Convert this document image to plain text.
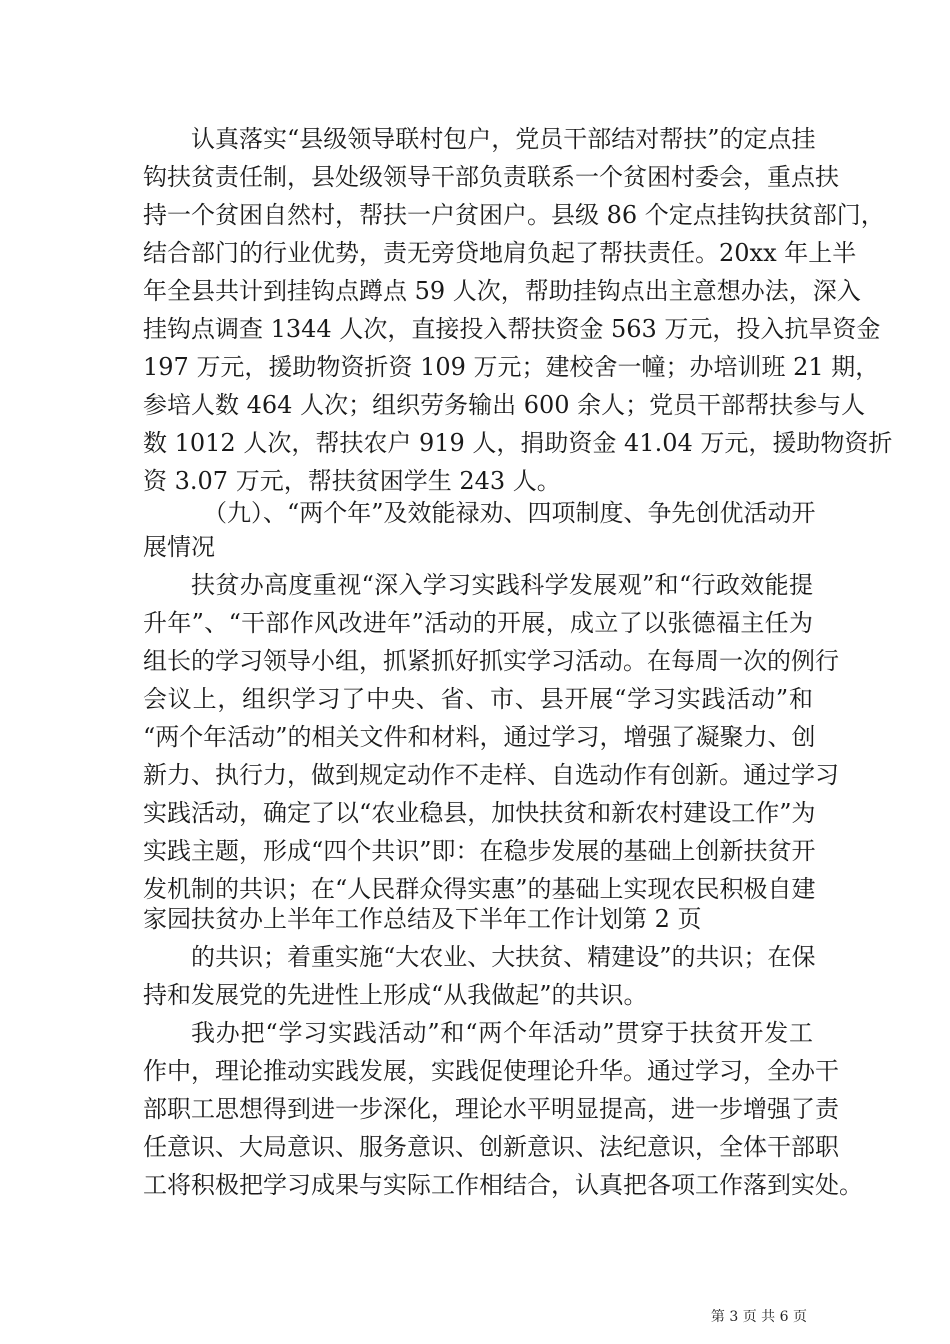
认真落实“县级领导联村包户，党员干部结对帮扶”的定点挂
钩扶贫责任制，县处级领导干部负责联系一个贫困村委会，重点扶
持一个贫困自然村，帮扶一户贫困户。县级 86 个定点挂钩扶贫部门，
结合部门的行业优势，责无旁贷地肩负起了帮扶责任。20xx 年上半
年全县共计到挂钩点蹲点 59 人次，帮助挂钩点出主意想办法，深入
挂钩点调查 1344 人次，直接投入帮扶资金 563 万元，投入抗旱资金
197 万元，援助物资折资 109 万元；建校舍一幢；办培训班 21 期，
参培人数 464 人次；组织劳务输出 600 余人；党员干部帮扶参与人
数 1012 人次，帮扶农户 919 人，捐助资金 41.04 万元，援助物资折
资 3.07 万元，帮扶贫困学生 243 人。
（九）、“两个年”及效能禄劝、四项制度、争先创优活动开
展情况
扶贫办高度重视“深入学习实践科学发展观”和“行政效能提
升年”、“干部作风改进年”活动的开展，成立了以张德福主任为
组长的学习领导小组，抓紧抓好抓实学习活动。在每周一次的例行
会议上，组织学习了中央、省、市、县开展“学习实践活动”和
“两个年活动”的相关文件和材料，通过学习，增强了凝聚力、创
新力、执行力，做到规定动作不走样、自选动作有创新。通过学习
实践活动，确定了以“农业稳县，加快扶贫和新农村建设工作”为
实践主题，形成“四个共识”即：在稳步发展的基础上创新扶贫开
发机制的共识；在“人民群众得实惠”的基础上实现农民积极自建
家园扶贫办上半年工作总结及下半年工作计划第 2 页
的共识；着重实施“大农业、大扶贫、精建设”的共识；在保
持和发展党的先进性上形成“从我做起”的共识。
我办把“学习实践活动”和“两个年活动”贯穿于扶贫开发工
作中，理论推动实践发展，实践促使理论升华。通过学习，全办干
部职工思想得到进一步深化，理论水平明显提高，进一步增强了责
任意识、大局意识、服务意识、创新意识、法纪意识，全体干部职
工将积极把学习成果与实际工作相结合，认真把各项工作落到实处。
第 3 页 共 6 页
